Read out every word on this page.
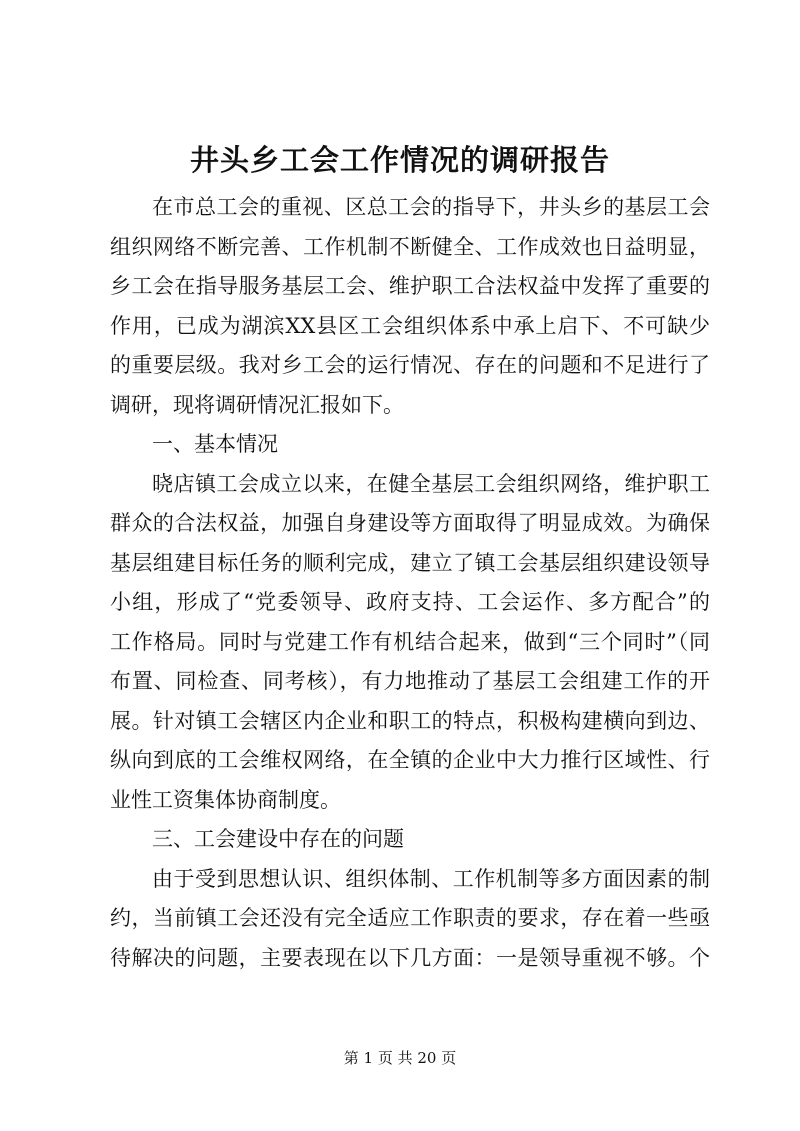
井头乡工会工作情况的调研报告
在市总工会的重视、区总工会的指导下，井头乡的基层工会
组织网络不断完善、工作机制不断健全、工作成效也日益明显，
乡工会在指导服务基层工会、维护职工合法权益中发挥了重要的
作用，已成为湖滨XX县区工会组织体系中承上启下、不可缺少
的重要层级。我对乡工会的运行情况、存在的问题和不足进行了
调研，现将调研情况汇报如下。
一、基本情况
晓店镇工会成立以来，在健全基层工会组织网络，维护职工
群众的合法权益，加强自身建设等方面取得了明显成效。为确保
基层组建目标任务的顺利完成，建立了镇工会基层组织建设领导
小组，形成了“党委领导、政府支持、工会运作、多方配合”的
工作格局。同时与党建工作有机结合起来，做到“三个同时”（同
布置、同检查、同考核），有力地推动了基层工会组建工作的开
展。针对镇工会辖区内企业和职工的特点，积极构建横向到边、
纵向到底的工会维权网络，在全镇的企业中大力推行区域性、行
业性工资集体协商制度。
三、工会建设中存在的问题
由于受到思想认识、组织体制、工作机制等多方面因素的制
约，当前镇工会还没有完全适应工作职责的要求，存在着一些亟
待解决的问题，主要表现在以下几方面：一是领导重视不够。个
第 1 页 共 20 页
